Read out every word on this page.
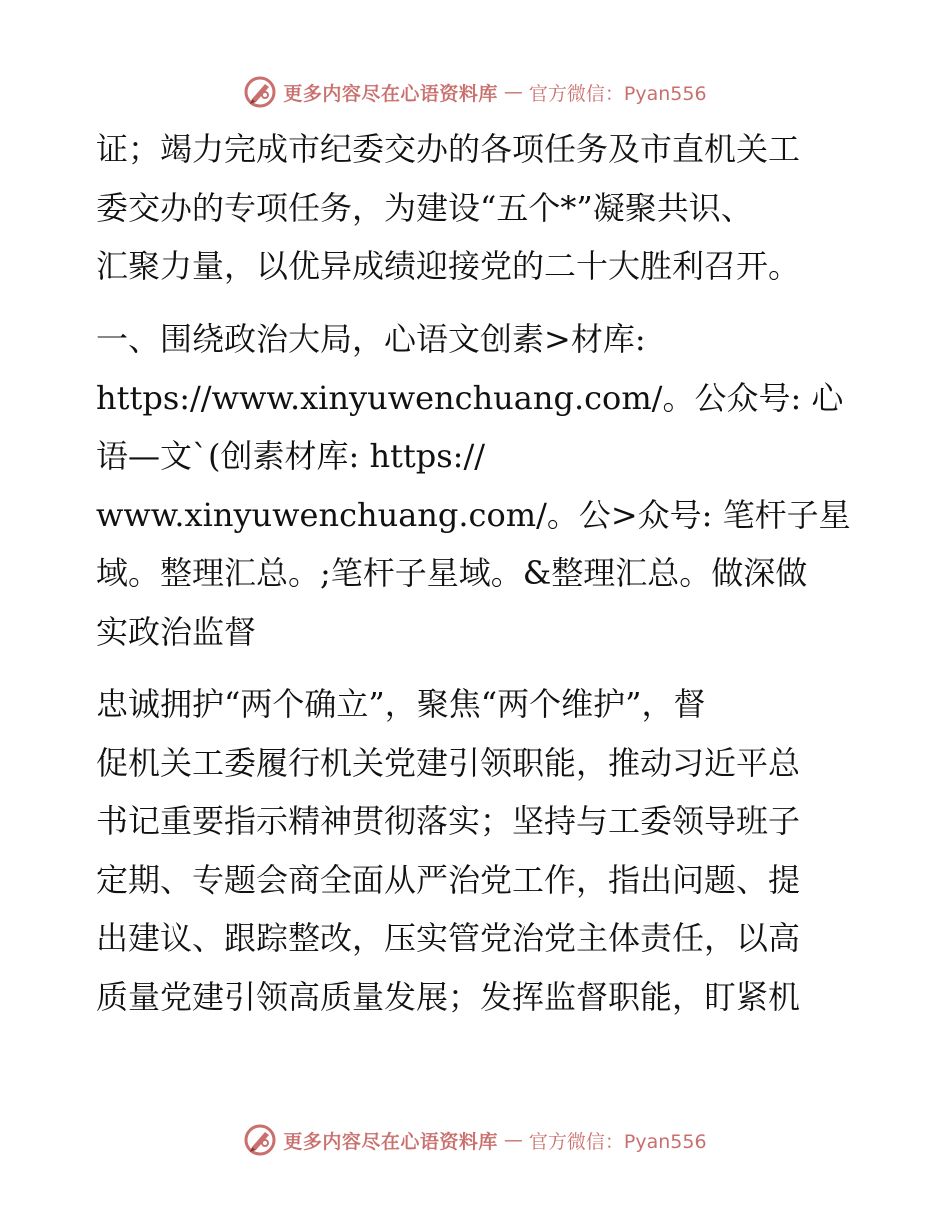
更多内容尽在心语资料库 — 官方微信：Pyan556
证；竭力完成市纪委交办的各项任务及市直机关工
委交办的专项任务，为建设“五个*”凝聚共识、
汇聚力量，以优异成绩迎接党的二十大胜利召开。
一、围绕政治大局，心语文创素>材库:
https://www.xinyuwenchuang.com/。公众号: 心
语—文`(创素材库: https://
www.xinyuwenchuang.com/。公>众号: 笔杆子星
域。整理汇总。;笔杆子星域。&整理汇总。做深做
实政治监督
忠诚拥护“两个确立”，聚焦“两个维护”，督
促机关工委履行机关党建引领职能，推动习近平总
书记重要指示精神贯彻落实；坚持与工委领导班子
定期、专题会商全面从严治党工作，指出问题、提
出建议、跟踪整改，压实管党治党主体责任，以高
质量党建引领高质量发展；发挥监督职能，盯紧机
更多内容尽在心语资料库 — 官方微信：Pyan556
